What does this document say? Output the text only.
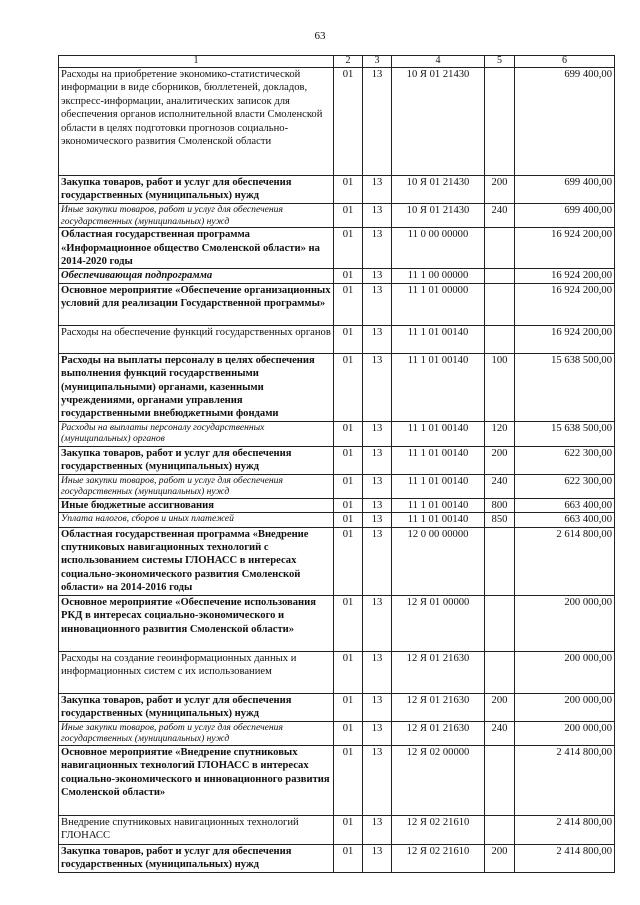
63
1	2	3	4	5	6
Расходы на приобретение экономико-статистической информации в виде сборников, бюллетеней, докладов, экспресс-информации, аналитических записок для обеспечения органов исполнительной власти Смоленской области в целях подготовки прогнозов социально-экономического развития Смоленской области	01	13	10 Я 01 21430		699 400,00
Закупка товаров, работ и услуг для обеспечения государственных (муниципальных) нужд	01	13	10 Я 01 21430	200	699 400,00
Иные закупки товаров, работ и услуг для обеспечения государственных (муниципальных) нужд	01	13	10 Я 01 21430	240	699 400,00
Областная государственная программа «Информационное общество Смоленской области» на 2014-2020 годы	01	13	11 0 00 00000		16 924 200,00
Обеспечивающая подпрограмма	01	13	11 1 00 00000		16 924 200,00
Основное мероприятие «Обеспечение организационных условий для реализации Государственной программы»	01	13	11 1 01 00000		16 924 200,00
Расходы на обеспечение функций государственных органов	01	13	11 1 01 00140		16 924 200,00
Расходы на выплаты персоналу в целях обеспечения выполнения функций государственными (муниципальными) органами, казенными учреждениями, органами управления государственными внебюджетными фондами	01	13	11 1 01 00140	100	15 638 500,00
Расходы на выплаты персоналу государственных (муниципальных) органов	01	13	11 1 01 00140	120	15 638 500,00
Закупка товаров, работ и услуг для обеспечения государственных (муниципальных) нужд	01	13	11 1 01 00140	200	622 300,00
Иные закупки товаров, работ и услуг для обеспечения государственных (муниципальных) нужд	01	13	11 1 01 00140	240	622 300,00
Иные бюджетные ассигнования	01	13	11 1 01 00140	800	663 400,00
Уплата налогов, сборов и иных платежей	01	13	11 1 01 00140	850	663 400,00
Областная государственная программа «Внедрение спутниковых навигационных технологий с использованием системы ГЛОНАСС в интересах социально-экономического развития Смоленской области» на 2014-2016 годы	01	13	12 0 00 00000		2 614 800,00
Основное мероприятие «Обеспечение использования РКД в интересах социально-экономического и инновационного развития Смоленской области»	01	13	12 Я 01 00000		200 000,00
Расходы на создание геоинформационных данных и информационных систем с их использованием	01	13	12 Я 01 21630		200 000,00
Закупка товаров, работ и услуг для обеспечения государственных (муниципальных) нужд	01	13	12 Я 01 21630	200	200 000,00
Иные закупки товаров, работ и услуг для обеспечения государственных (муниципальных) нужд	01	13	12 Я 01 21630	240	200 000,00
Основное мероприятие «Внедрение спутниковых навигационных технологий ГЛОНАСС в интересах социально-экономического и инновационного развития Смоленской области»	01	13	12 Я 02 00000		2 414 800,00
Внедрение спутниковых навигационных технологий ГЛОНАСС	01	13	12 Я 02 21610		2 414 800,00
Закупка товаров, работ и услуг для обеспечения государственных (муниципальных) нужд	01	13	12 Я 02 21610	200	2 414 800,00
